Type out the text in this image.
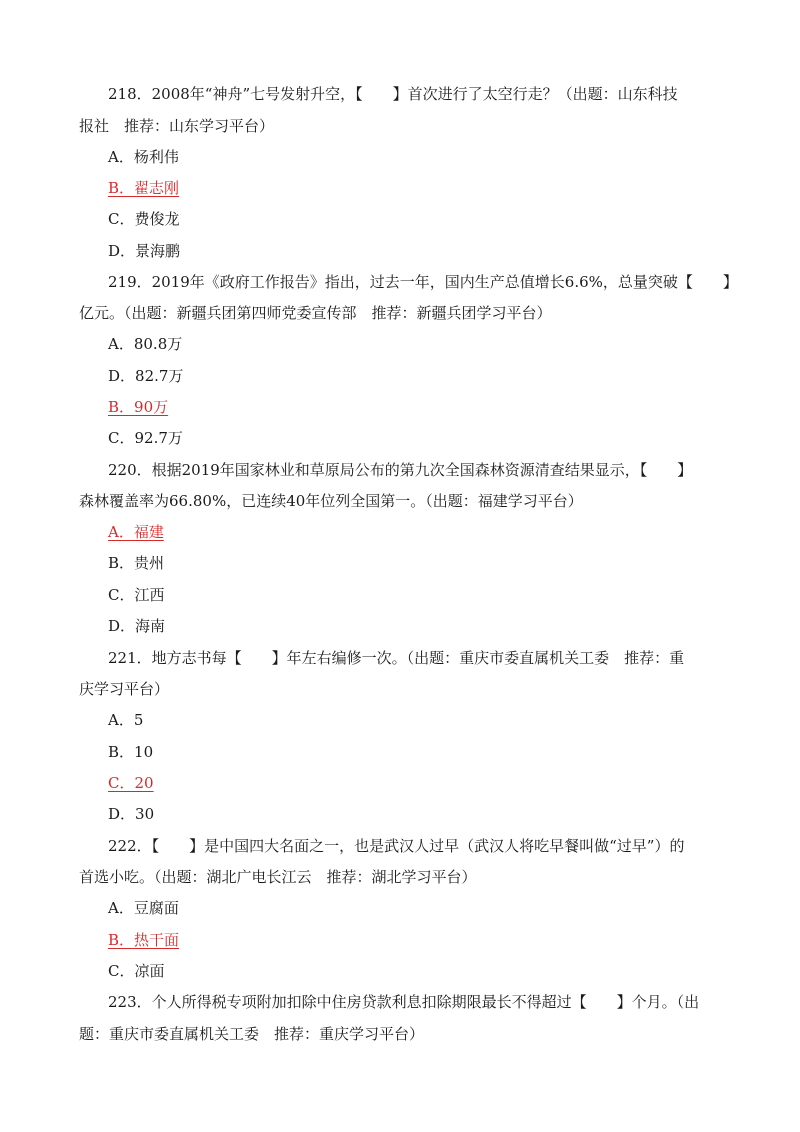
218．2008年“神舟”七号发射升空，【　　】首次进行了太空行走？（出题：山东科技
报社　推荐：山东学习平台）
A．杨利伟
B．翟志刚
C．费俊龙
D．景海鹏
219．2019年《政府工作报告》指出，过去一年，国内生产总值增长6.6%，总量突破【　　】
亿元。（出题：新疆兵团第四师党委宣传部　推荐：新疆兵团学习平台）
A．80.8万
D．82.7万
B．90万
C．92.7万
220．根据2019年国家林业和草原局公布的第九次全国森林资源清查结果显示，【　　】
森林覆盖率为66.80%，已连续40年位列全国第一。（出题：福建学习平台）
A．福建
B．贵州
C．江西
D．海南
221．地方志书每【　　】年左右编修一次。（出题：重庆市委直属机关工委　推荐：重
庆学习平台）
A．5
B．10
C．20
D．30
222．【　　】是中国四大名面之一，也是武汉人过早（武汉人将吃早餐叫做“过早”）的
首选小吃。（出题：湖北广电长江云　推荐：湖北学习平台）
A．豆腐面
B．热干面
C．凉面
223．个人所得税专项附加扣除中住房贷款利息扣除期限最长不得超过【　　】个月。（出
题：重庆市委直属机关工委　推荐：重庆学习平台）
